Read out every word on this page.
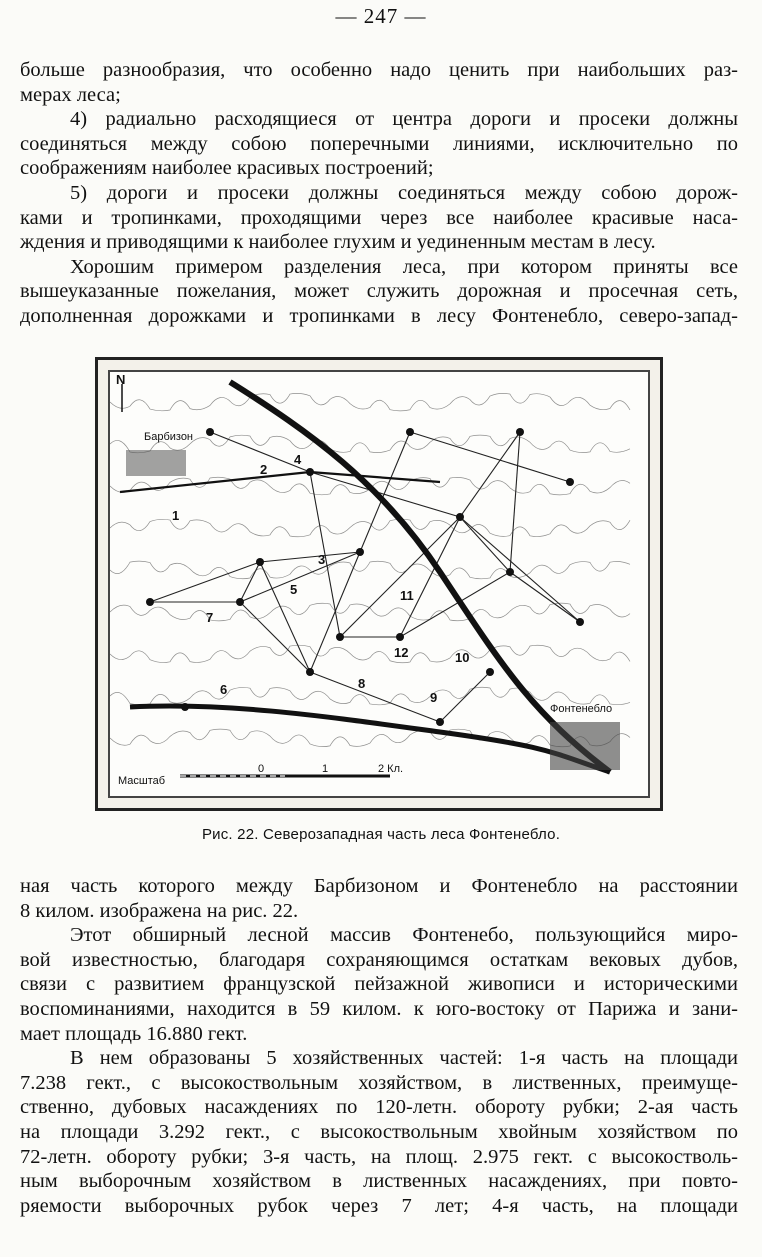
— 247 —
больше разнообразия, что особенно надо ценить при наибольших раз-
мерах леса;
4) радиально расходящиеся от центра дороги и просеки должны
соединяться между собою поперечными линиями, исключительно по
соображениям наиболее красивых построений;
5) дороги и просеки должны соединяться между собою дорож-
ками и тропинками, проходящими через все наиболее красивые наса-
ждения и приводящими к наиболее глухим и уединенным местам в лесу.
Хорошим примером разделения леса, при котором приняты все
вышеуказанные пожелания, может служить дорожная и просечная сеть,
дополненная дорожками и тропинками в лесу Фонтенебло, северо-запад-
N
Барбизон
Фонтенебло
1
2
3
4
5
6
7
8
9
10
11
12
Масштаб
0	1	2 Кл.
Рис. 22. Северозападная часть леса Фонтенебло.
ная часть которого между Барбизоном и Фонтенебло на расстоянии
8 килом. изображена на рис. 22.
Этот обширный лесной массив Фонтенебо, пользующийся миро-
вой известностью, благодаря сохраняющимся остаткам вековых дубов,
связи с развитием французской пейзажной живописи и историческими
воспоминаниями, находится в 59 килом. к юго-востоку от Парижа и зани-
мает площадь 16.880 гект.
В нем образованы 5 хозяйственных частей: 1-я часть на площади
7.238 гект., с высокоствольным хозяйством, в лиственных, преимуще-
ственно, дубовых насаждениях по 120-летн. обороту рубки; 2-ая часть
на площади 3.292 гект., с высокоствольным хвойным хозяйством по
72-летн. обороту рубки; 3-я часть, на площ. 2.975 гект. с высокостволь-
ным выборочным хозяйством в лиственных насаждениях, при повто-
ряемости выборочных рубок через 7 лет; 4-я часть, на площади
